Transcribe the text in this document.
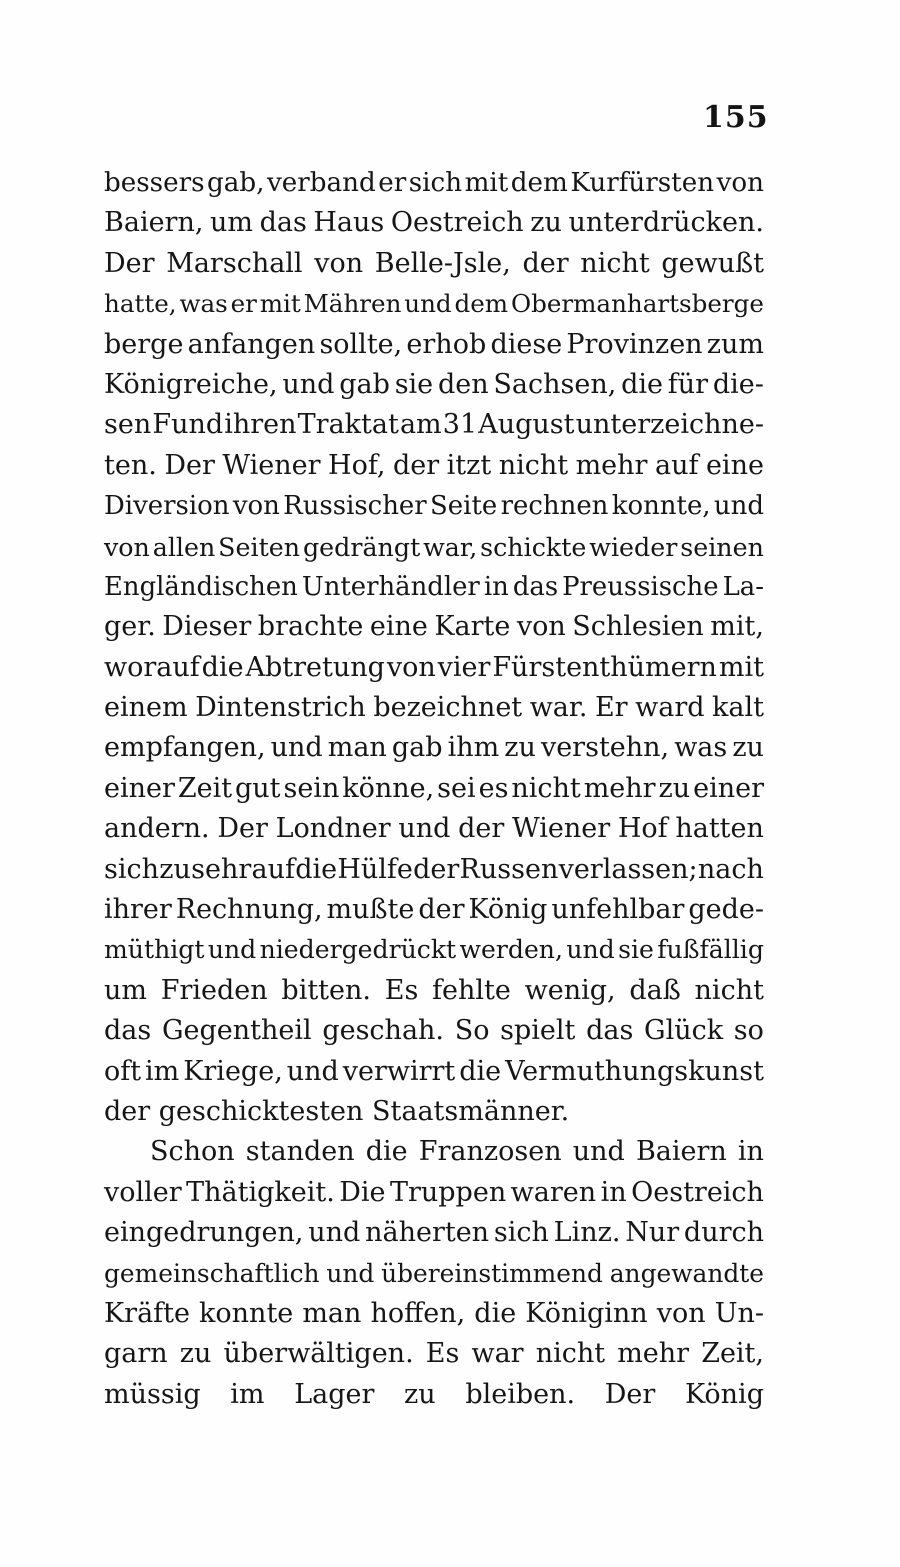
155
bessers gab, verband er sich mit dem Kurfürsten von
Baiern, um das Haus Oestreich zu unterdrücken.
Der Marschall von Belle-Jsle, der nicht gewußt
hatte, was er mit Mähren und dem Obermanhartsberge
berge anfangen sollte, erhob diese Provinzen zum
Königreiche, und gab sie den Sachsen, die für die-
sen Fund ihren Traktat am 31 August unterzeichne-
ten. Der Wiener Hof, der itzt nicht mehr auf eine
Diversion von Russischer Seite rechnen konnte, und
von allen Seiten gedrängt war, schickte wieder seinen
Engländischen Unterhändler in das Preussische La-
ger. Dieser brachte eine Karte von Schlesien mit,
worauf die Abtretung von vier Fürstenthümern mit
einem Dintenstrich bezeichnet war. Er ward kalt
empfangen, und man gab ihm zu verstehn, was zu
einer Zeit gut sein könne, sei es nicht mehr zu einer
andern. Der Londner und der Wiener Hof hatten
sich zu sehr auf die Hülfe der Russen verlassen; nach
ihrer Rechnung, mußte der König unfehlbar gede-
müthigt und niedergedrückt werden, und sie fußfällig
um Frieden bitten. Es fehlte wenig, daß nicht
das Gegentheil geschah. So spielt das Glück so
oft im Kriege, und verwirrt die Vermuthungskunst
der geschicktesten Staatsmänner.
Schon standen die Franzosen und Baiern in
voller Thätigkeit. Die Truppen waren in Oestreich
eingedrungen, und näherten sich Linz. Nur durch
gemeinschaftlich und übereinstimmend angewandte
Kräfte konnte man hoffen, die Königinn von Un-
garn zu überwältigen. Es war nicht mehr Zeit,
müssig im Lager zu bleiben. Der König
